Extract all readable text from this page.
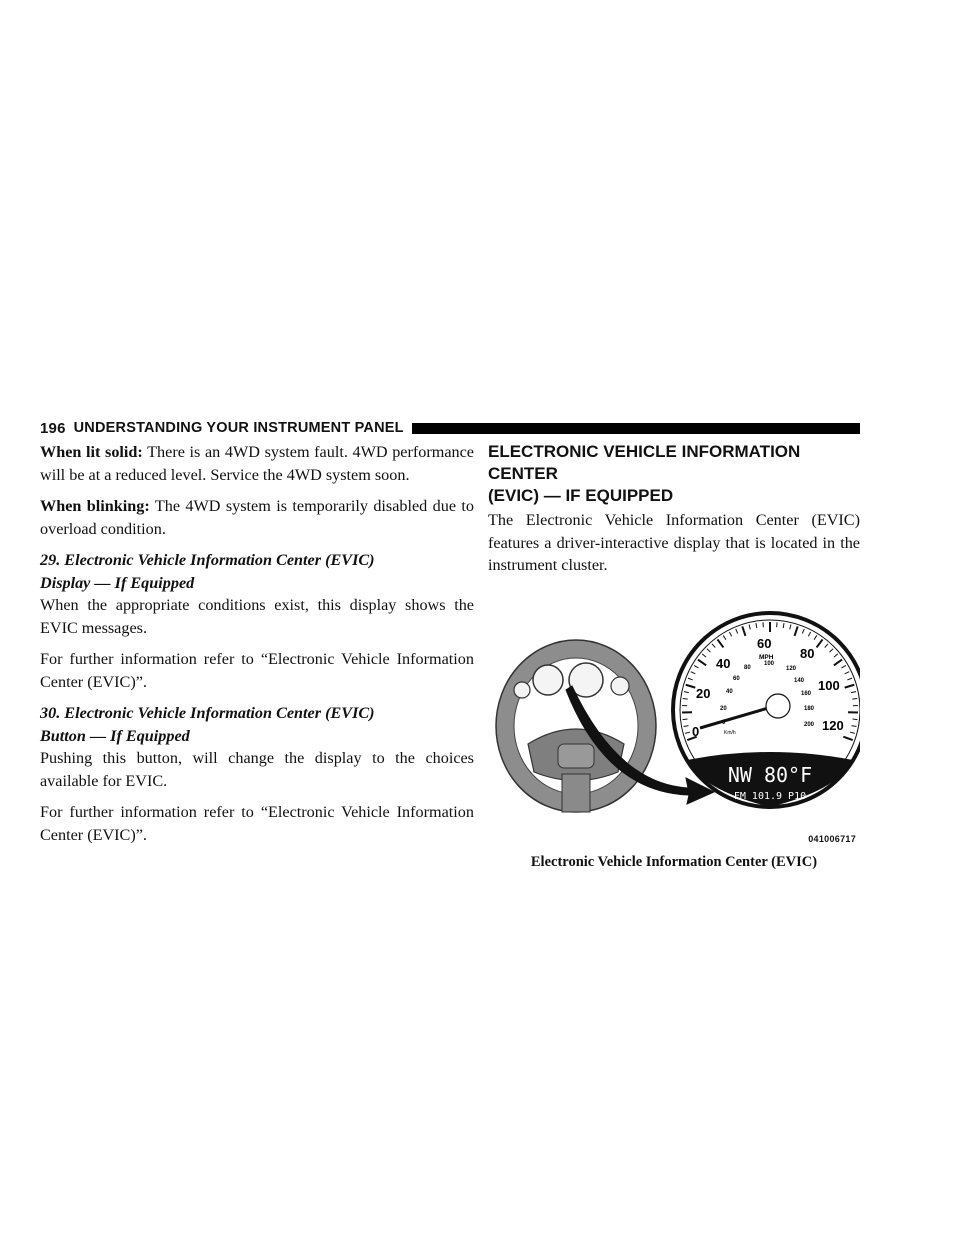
196 UNDERSTANDING YOUR INSTRUMENT PANEL

When lit solid: There is an 4WD system fault. 4WD performance will be at a reduced level. Service the 4WD system soon.

When blinking: The 4WD system is temporarily disabled due to overload condition.

29. Electronic Vehicle Information Center (EVIC)
Display — If Equipped

When the appropriate conditions exist, this display shows the EVIC messages.

For further information refer to “Electronic Vehicle Information Center (EVIC)”.

30. Electronic Vehicle Information Center (EVIC)
Button — If Equipped

Pushing this button, will change the display to the choices available for EVIC.

For further information refer to “Electronic Vehicle Information Center (EVIC)”.

ELECTRONIC VEHICLE INFORMATION CENTER
(EVIC) — IF EQUIPPED

The Electronic Vehicle Information Center (EVIC) features a driver-interactive display that is located in the instrument cluster.

0
20
40
60
80
100
120
0
20
40
60
80
100
120
140
160
180
200
MPH
Km/h
NW 80°F
FM 101.9 P10
041006717
Electronic Vehicle Information Center (EVIC)
